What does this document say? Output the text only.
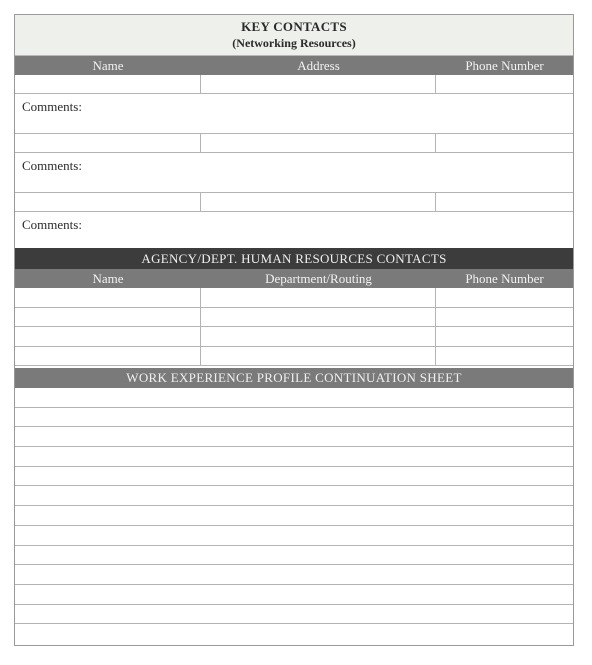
KEY CONTACTS
(Networking Resources)
Name	Address	Phone Number
Comments:
Comments:
Comments:
AGENCY/DEPT. HUMAN RESOURCES CONTACTS
Name	Department/Routing	Phone Number
WORK EXPERIENCE PROFILE CONTINUATION SHEET
